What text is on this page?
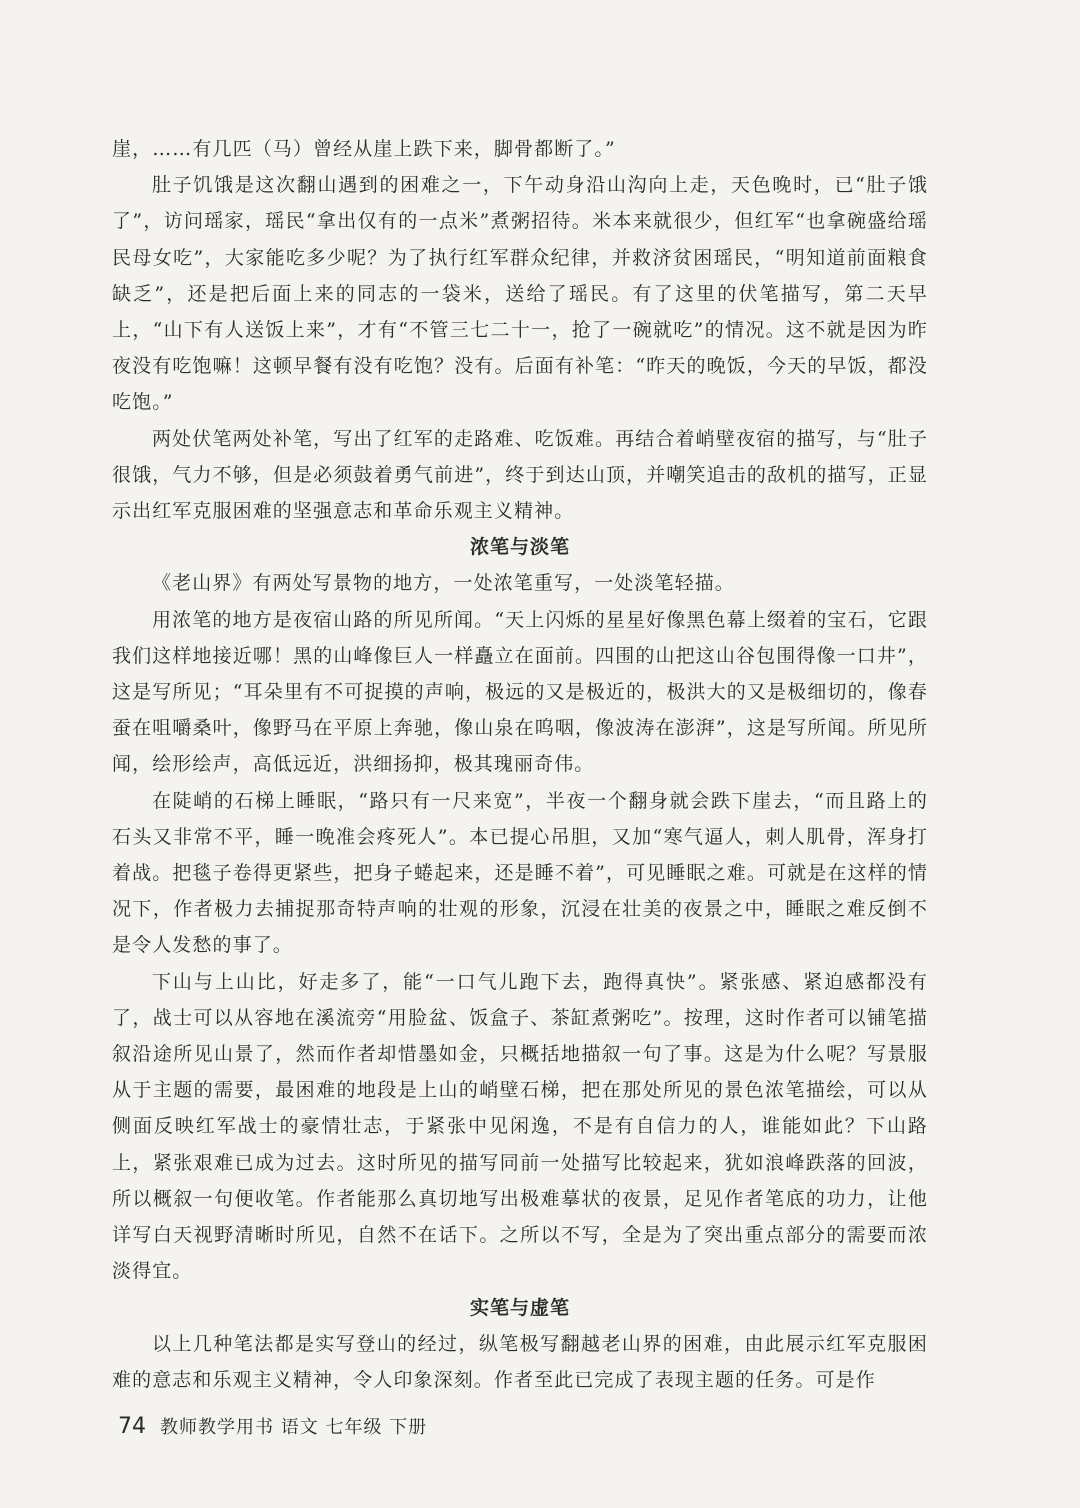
崖，……有几匹（马）曾经从崖上跌下来，脚骨都断了。”

肚子饥饿是这次翻山遇到的困难之一，下午动身沿山沟向上走，天色晚时，已“肚子饿了”，访问瑶家，瑶民“拿出仅有的一点米”煮粥招待。米本来就很少，但红军“也拿碗盛给瑶民母女吃”，大家能吃多少呢？为了执行红军群众纪律，并救济贫困瑶民，“明知道前面粮食缺乏”，还是把后面上来的同志的一袋米，送给了瑶民。有了这里的伏笔描写，第二天早上，“山下有人送饭上来”，才有“不管三七二十一，抢了一碗就吃”的情况。这不就是因为昨夜没有吃饱嘛！这顿早餐有没有吃饱？没有。后面有补笔：“昨天的晚饭，今天的早饭，都没吃饱。”

两处伏笔两处补笔，写出了红军的走路难、吃饭难。再结合着峭壁夜宿的描写，与“肚子很饿，气力不够，但是必须鼓着勇气前进”，终于到达山顶，并嘲笑追击的敌机的描写，正显示出红军克服困难的坚强意志和革命乐观主义精神。

浓笔与淡笔

《老山界》有两处写景物的地方，一处浓笔重写，一处淡笔轻描。

用浓笔的地方是夜宿山路的所见所闻。“天上闪烁的星星好像黑色幕上缀着的宝石，它跟我们这样地接近哪！黑的山峰像巨人一样矗立在面前。四围的山把这山谷包围得像一口井”，这是写所见；“耳朵里有不可捉摸的声响，极远的又是极近的，极洪大的又是极细切的，像春蚕在咀嚼桑叶，像野马在平原上奔驰，像山泉在呜咽，像波涛在澎湃”，这是写所闻。所见所闻，绘形绘声，高低远近，洪细扬抑，极其瑰丽奇伟。

在陡峭的石梯上睡眠，“路只有一尺来宽”，半夜一个翻身就会跌下崖去，“而且路上的石头又非常不平，睡一晚准会疼死人”。本已提心吊胆，又加“寒气逼人，刺人肌骨，浑身打着战。把毯子卷得更紧些，把身子蜷起来，还是睡不着”，可见睡眠之难。可就是在这样的情况下，作者极力去捕捉那奇特声响的壮观的形象，沉浸在壮美的夜景之中，睡眠之难反倒不是令人发愁的事了。

下山与上山比，好走多了，能“一口气儿跑下去，跑得真快”。紧张感、紧迫感都没有了，战士可以从容地在溪流旁“用脸盆、饭盒子、茶缸煮粥吃”。按理，这时作者可以铺笔描叙沿途所见山景了，然而作者却惜墨如金，只概括地描叙一句了事。这是为什么呢？写景服从于主题的需要，最困难的地段是上山的峭壁石梯，把在那处所见的景色浓笔描绘，可以从侧面反映红军战士的豪情壮志，于紧张中见闲逸，不是有自信力的人，谁能如此？下山路上，紧张艰难已成为过去。这时所见的描写同前一处描写比较起来，犹如浪峰跌落的回波，所以概叙一句便收笔。作者能那么真切地写出极难摹状的夜景，足见作者笔底的功力，让他详写白天视野清晰时所见，自然不在话下。之所以不写，全是为了突出重点部分的需要而浓淡得宜。

实笔与虚笔

以上几种笔法都是实写登山的经过，纵笔极写翻越老山界的困难，由此展示红军克服困难的意志和乐观主义精神，令人印象深刻。作者至此已完成了表现主题的任务。可是作

74 教师教学用书 语文 七年级 下册
